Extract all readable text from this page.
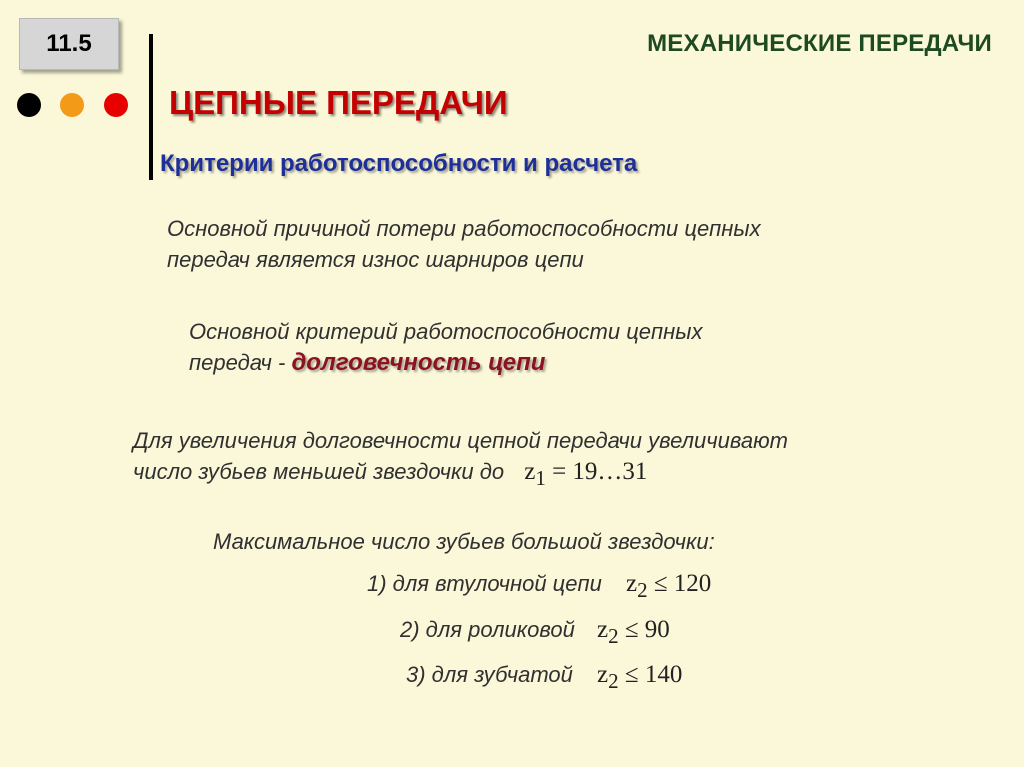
11.5	МЕХАНИЧЕСКИЕ ПЕРЕДАЧИ
ЦЕПНЫЕ ПЕРЕДАЧИ
Критерии работоспособности и расчета
Основной причиной потери работоспособности цепных
передач является износ шарниров цепи
Основной критерий работоспособности цепных
передач - долговечность цепи
Для увеличения долговечности цепной передачи увеличивают
число зубьев меньшей звездочки до $z_1$ = 19…31
Максимальное число зубьев большой звездочки:
1) для втулочной цепи $z_2 \le 120$
2) для роликовой $z_2 \le 90$
3) для зубчатой $z_2 \le 140$
